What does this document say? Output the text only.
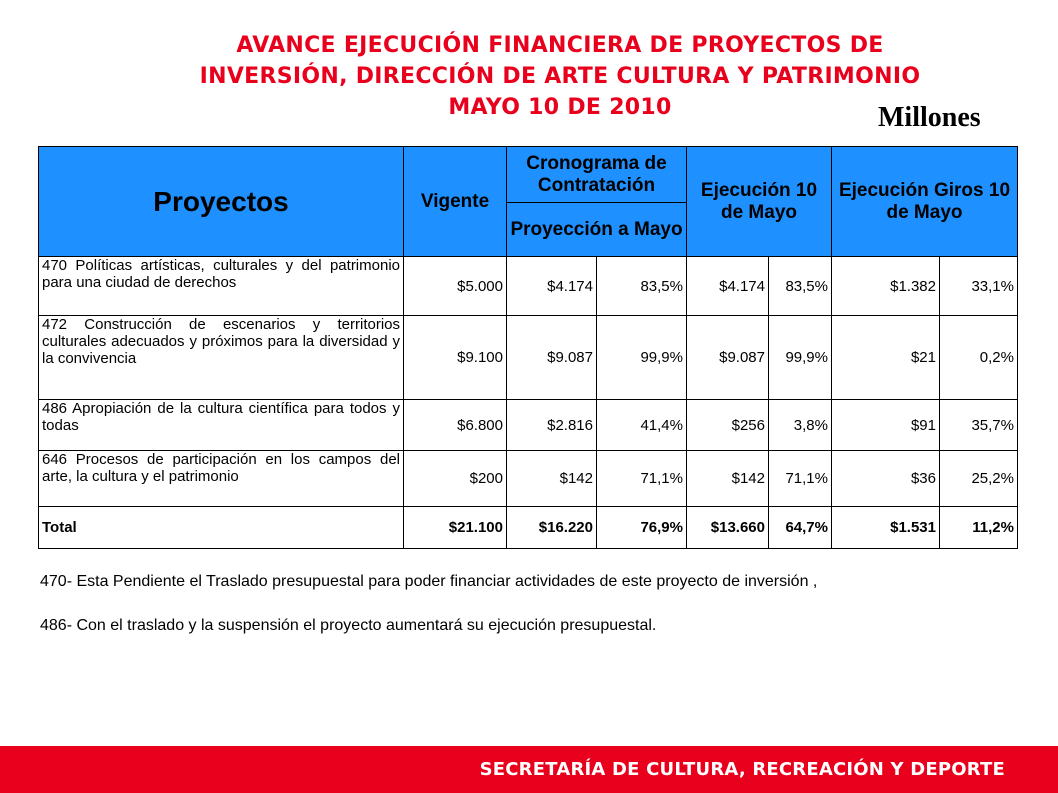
AVANCE EJECUCIÓN FINANCIERA DE PROYECTOS DE
INVERSIÓN, DIRECCIÓN DE ARTE CULTURA Y PATRIMONIO
MAYO 10 DE 2010	Millones
Proyectos	Vigente	Cronograma de Contratación		Ejecución 10 de Mayo		Ejecución Giros 10 de Mayo	
		Proyección a Mayo					
470 Políticas artísticas, culturales y del patrimonio para una ciudad de derechos	$5.000	$4.174	83,5%	$4.174	83,5%	$1.382	33,1%
472 Construcción de escenarios y territorios culturales adecuados y próximos para la diversidad y la convivencia	$9.100	$9.087	99,9%	$9.087	99,9%	$21	0,2%
486 Apropiación de la cultura científica para todos y todas	$6.800	$2.816	41,4%	$256	3,8%	$91	35,7%
646 Procesos de participación en los campos del arte, la cultura y el patrimonio	$200	$142	71,1%	$142	71,1%	$36	25,2%
Total	$21.100	$16.220	76,9%	$13.660	64,7%	$1.531	11,2%

470- Esta Pendiente el Traslado presupuestal para poder financiar actividades de este proyecto de inversión ,

486- Con el traslado y la suspensión el proyecto aumentará su ejecución presupuestal.

SECRETARÍA DE CULTURA, RECREACIÓN Y DEPORTE
